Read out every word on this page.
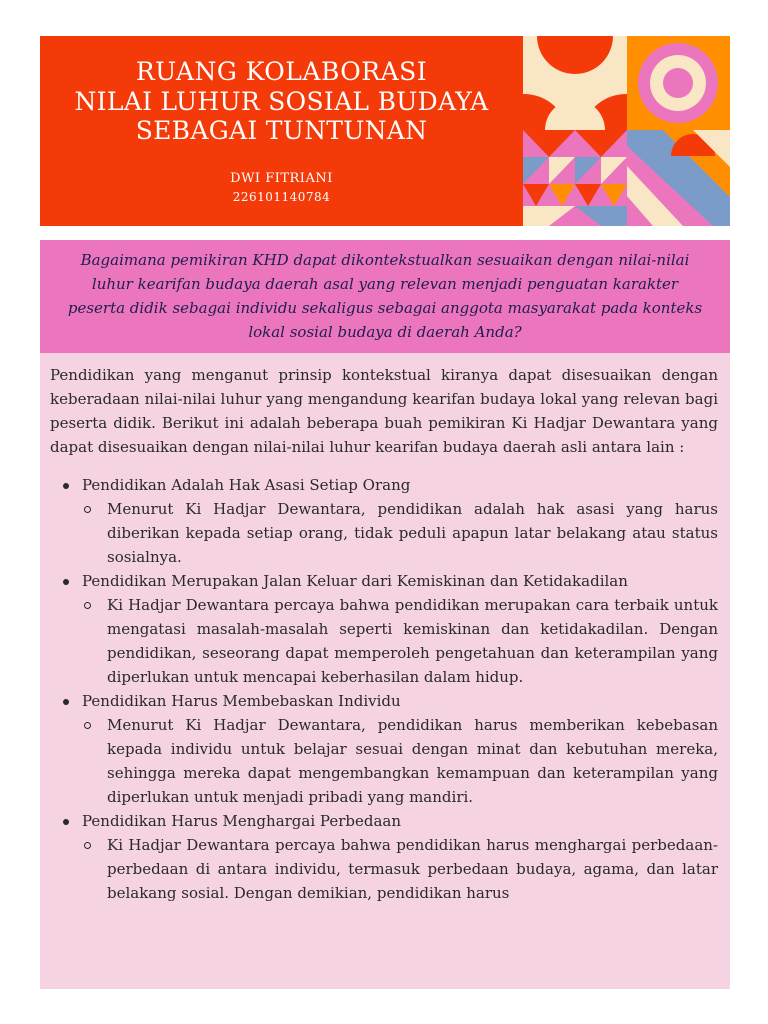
RUANG KOLABORASI
NILAI LUHUR SOSIAL BUDAYA
SEBAGAI TUNTUNAN
DWI FITRIANI
226101140784
Bagaimana pemikiran KHD dapat dikontekstualkan sesuaikan dengan nilai-nilai luhur kearifan budaya daerah asal yang relevan menjadi penguatan karakter peserta didik sebagai individu sekaligus sebagai anggota masyarakat pada konteks lokal sosial budaya di daerah Anda?

Pendidikan yang menganut prinsip kontekstual kiranya dapat disesuaikan dengan keberadaan nilai-nilai luhur yang mengandung kearifan budaya lokal yang relevan bagi peserta didik. Berikut ini adalah beberapa buah pemikiran Ki Hadjar Dewantara yang dapat disesuaikan dengan nilai-nilai luhur kearifan budaya daerah asli antara lain :

Pendidikan Adalah Hak Asasi Setiap Orang
Menurut Ki Hadjar Dewantara, pendidikan adalah hak asasi yang harus diberikan kepada setiap orang, tidak peduli apapun latar belakang atau status sosialnya.
Pendidikan Merupakan Jalan Keluar dari Kemiskinan dan Ketidakadilan
Ki Hadjar Dewantara percaya bahwa pendidikan merupakan cara terbaik untuk mengatasi masalah-masalah seperti kemiskinan dan ketidakadilan. Dengan pendidikan, seseorang dapat memperoleh pengetahuan dan keterampilan yang diperlukan untuk mencapai keberhasilan dalam hidup.
Pendidikan Harus Membebaskan Individu
Menurut Ki Hadjar Dewantara, pendidikan harus memberikan kebebasan kepada individu untuk belajar sesuai dengan minat dan kebutuhan mereka, sehingga mereka dapat mengembangkan kemampuan dan keterampilan yang diperlukan untuk menjadi pribadi yang mandiri.
Pendidikan Harus Menghargai Perbedaan
Ki Hadjar Dewantara percaya bahwa pendidikan harus menghargai perbedaan-perbedaan di antara individu, termasuk perbedaan budaya, agama, dan latar belakang sosial. Dengan demikian, pendidikan harus
